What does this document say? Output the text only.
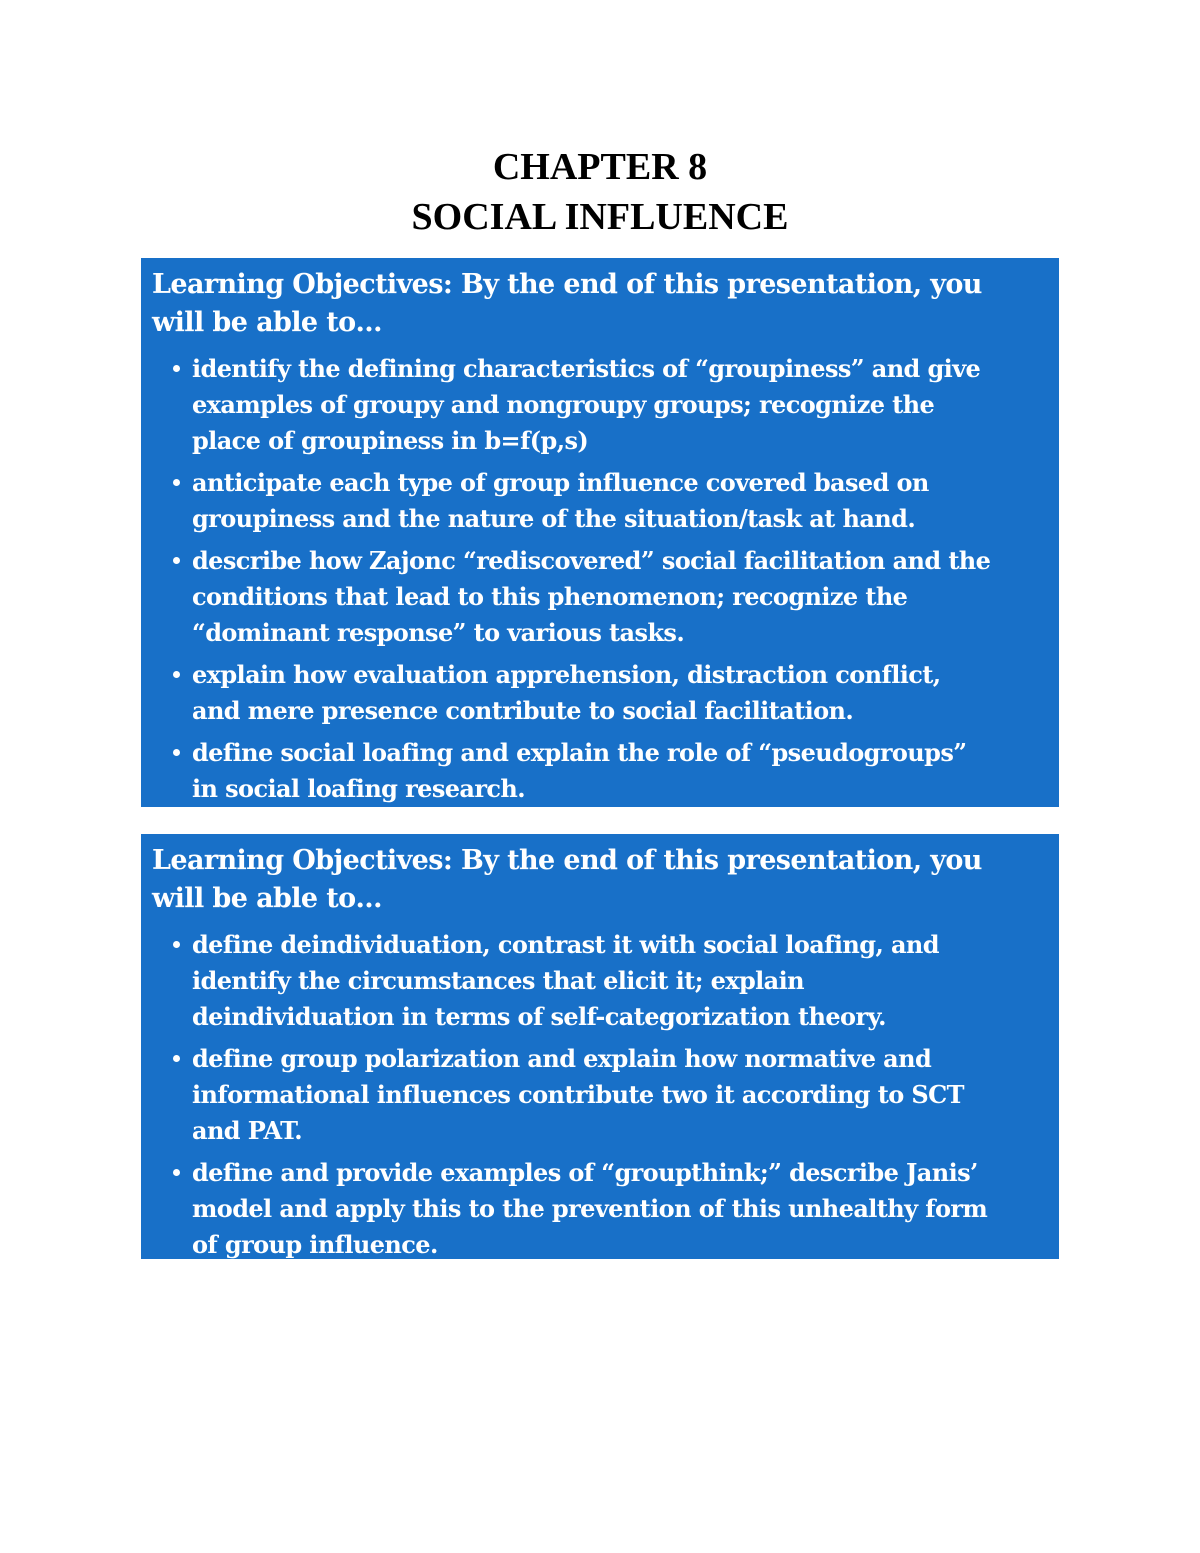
CHAPTER 8
SOCIAL INFLUENCE
Learning Objectives: By the end of this presentation, you
will be able to…
identify the defining characteristics of “groupiness” and give
examples of groupy and nongroupy groups; recognize the
place of groupiness in b=f(p,s)
anticipate each type of group influence covered based on
groupiness and the nature of the situation/task at hand.
describe how Zajonc “rediscovered” social facilitation and the
conditions that lead to this phenomenon; recognize the
“dominant response” to various tasks.
explain how evaluation apprehension, distraction conflict,
and mere presence contribute to social facilitation.
define social loafing and explain the role of “pseudogroups”
in social loafing research.
Learning Objectives: By the end of this presentation, you
will be able to…
define deindividuation, contrast it with social loafing, and
identify the circumstances that elicit it; explain
deindividuation in terms of self-categorization theory.
define group polarization and explain how normative and
informational influences contribute two it according to SCT
and PAT.
define and provide examples of “groupthink;” describe Janis’
model and apply this to the prevention of this unhealthy form
of group influence.
